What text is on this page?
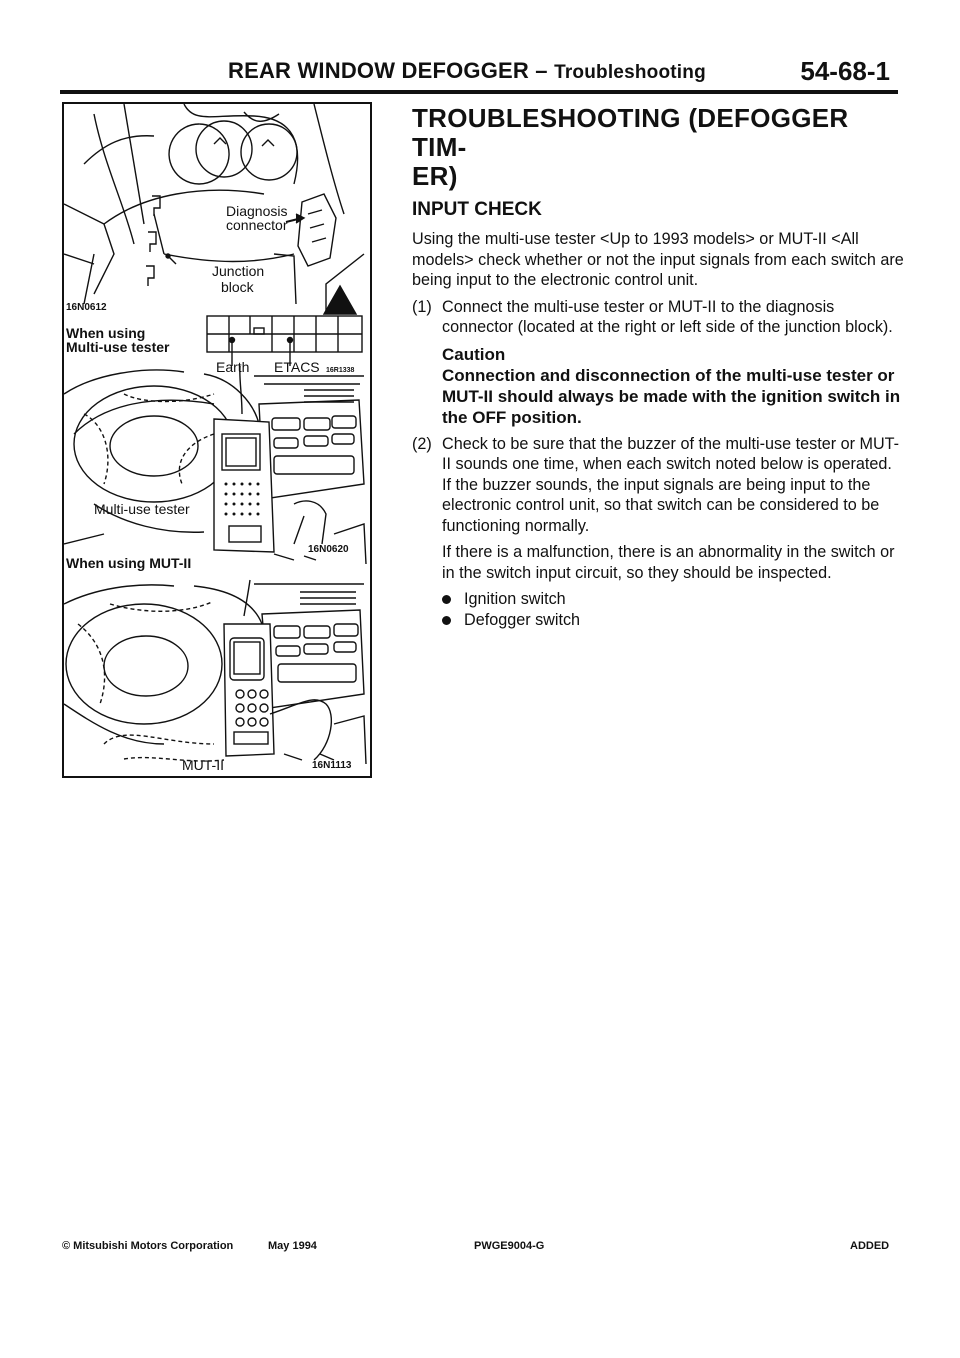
REAR WINDOW DEFOGGER – Troubleshooting	54-68-1
Diagnosis
connector
Junction
block
16N0612
When using
Multi-use tester
Earth ETACS 16R1338
Multi-use tester
16N0620
When using MUT-II
MUT-II	16N1113
TROUBLESHOOTING (DEFOGGER TIM-
ER)
INPUT CHECK

Using the multi-use tester <Up to 1993 models> or MUT-II <All models> check whether or not the input signals from each switch are being input to the electronic control unit.

(1) Connect the multi-use tester or MUT-II to the diagnosis connector (located at the right or left side of the junction block).

Caution
Connection and disconnection of the multi-use tester or MUT-II should always be made with the ignition switch in the OFF position.
(2) Check to be sure that the buzzer of the multi-use tester or MUT-II sounds one time, when each switch noted below is operated.

If the buzzer sounds, the input signals are being input to the electronic control unit, so that switch can be considered to be functioning normally.

If there is a malfunction, there is an abnormality in the switch or in the switch input circuit, so they should be inspected.

Ignition switch
Defogger switch
© Mitsubishi Motors Corporation	May 1994	PWGE9004-G	ADDED
